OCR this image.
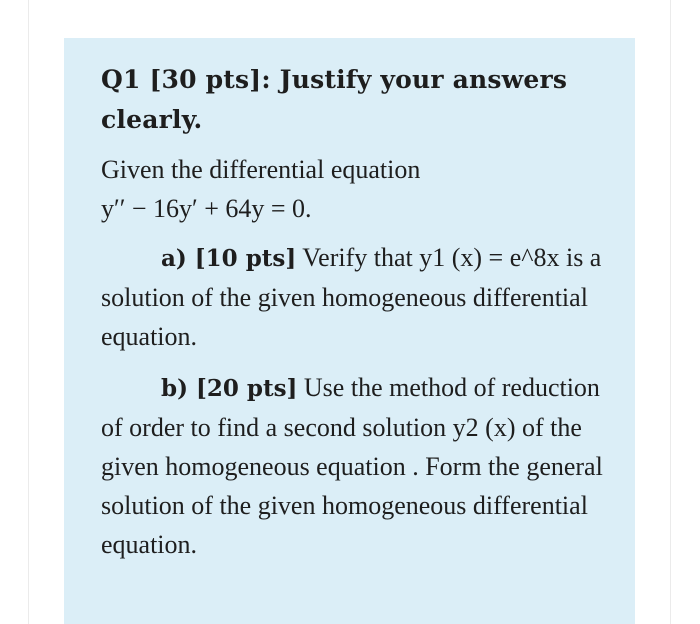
Q1 [30 pts]: Justify your answers clearly.

Given the differential equation
y′′ − 16y′ + 64y = 0.

a) [10 pts] Verify that y1 (x) = e^8x is a solution of the given homogeneous differential equation.

b) [20 pts] Use the method of reduction of order to find a second solution y2 (x) of the given homogeneous equation . Form the general solution of the given homogeneous differential equation.
